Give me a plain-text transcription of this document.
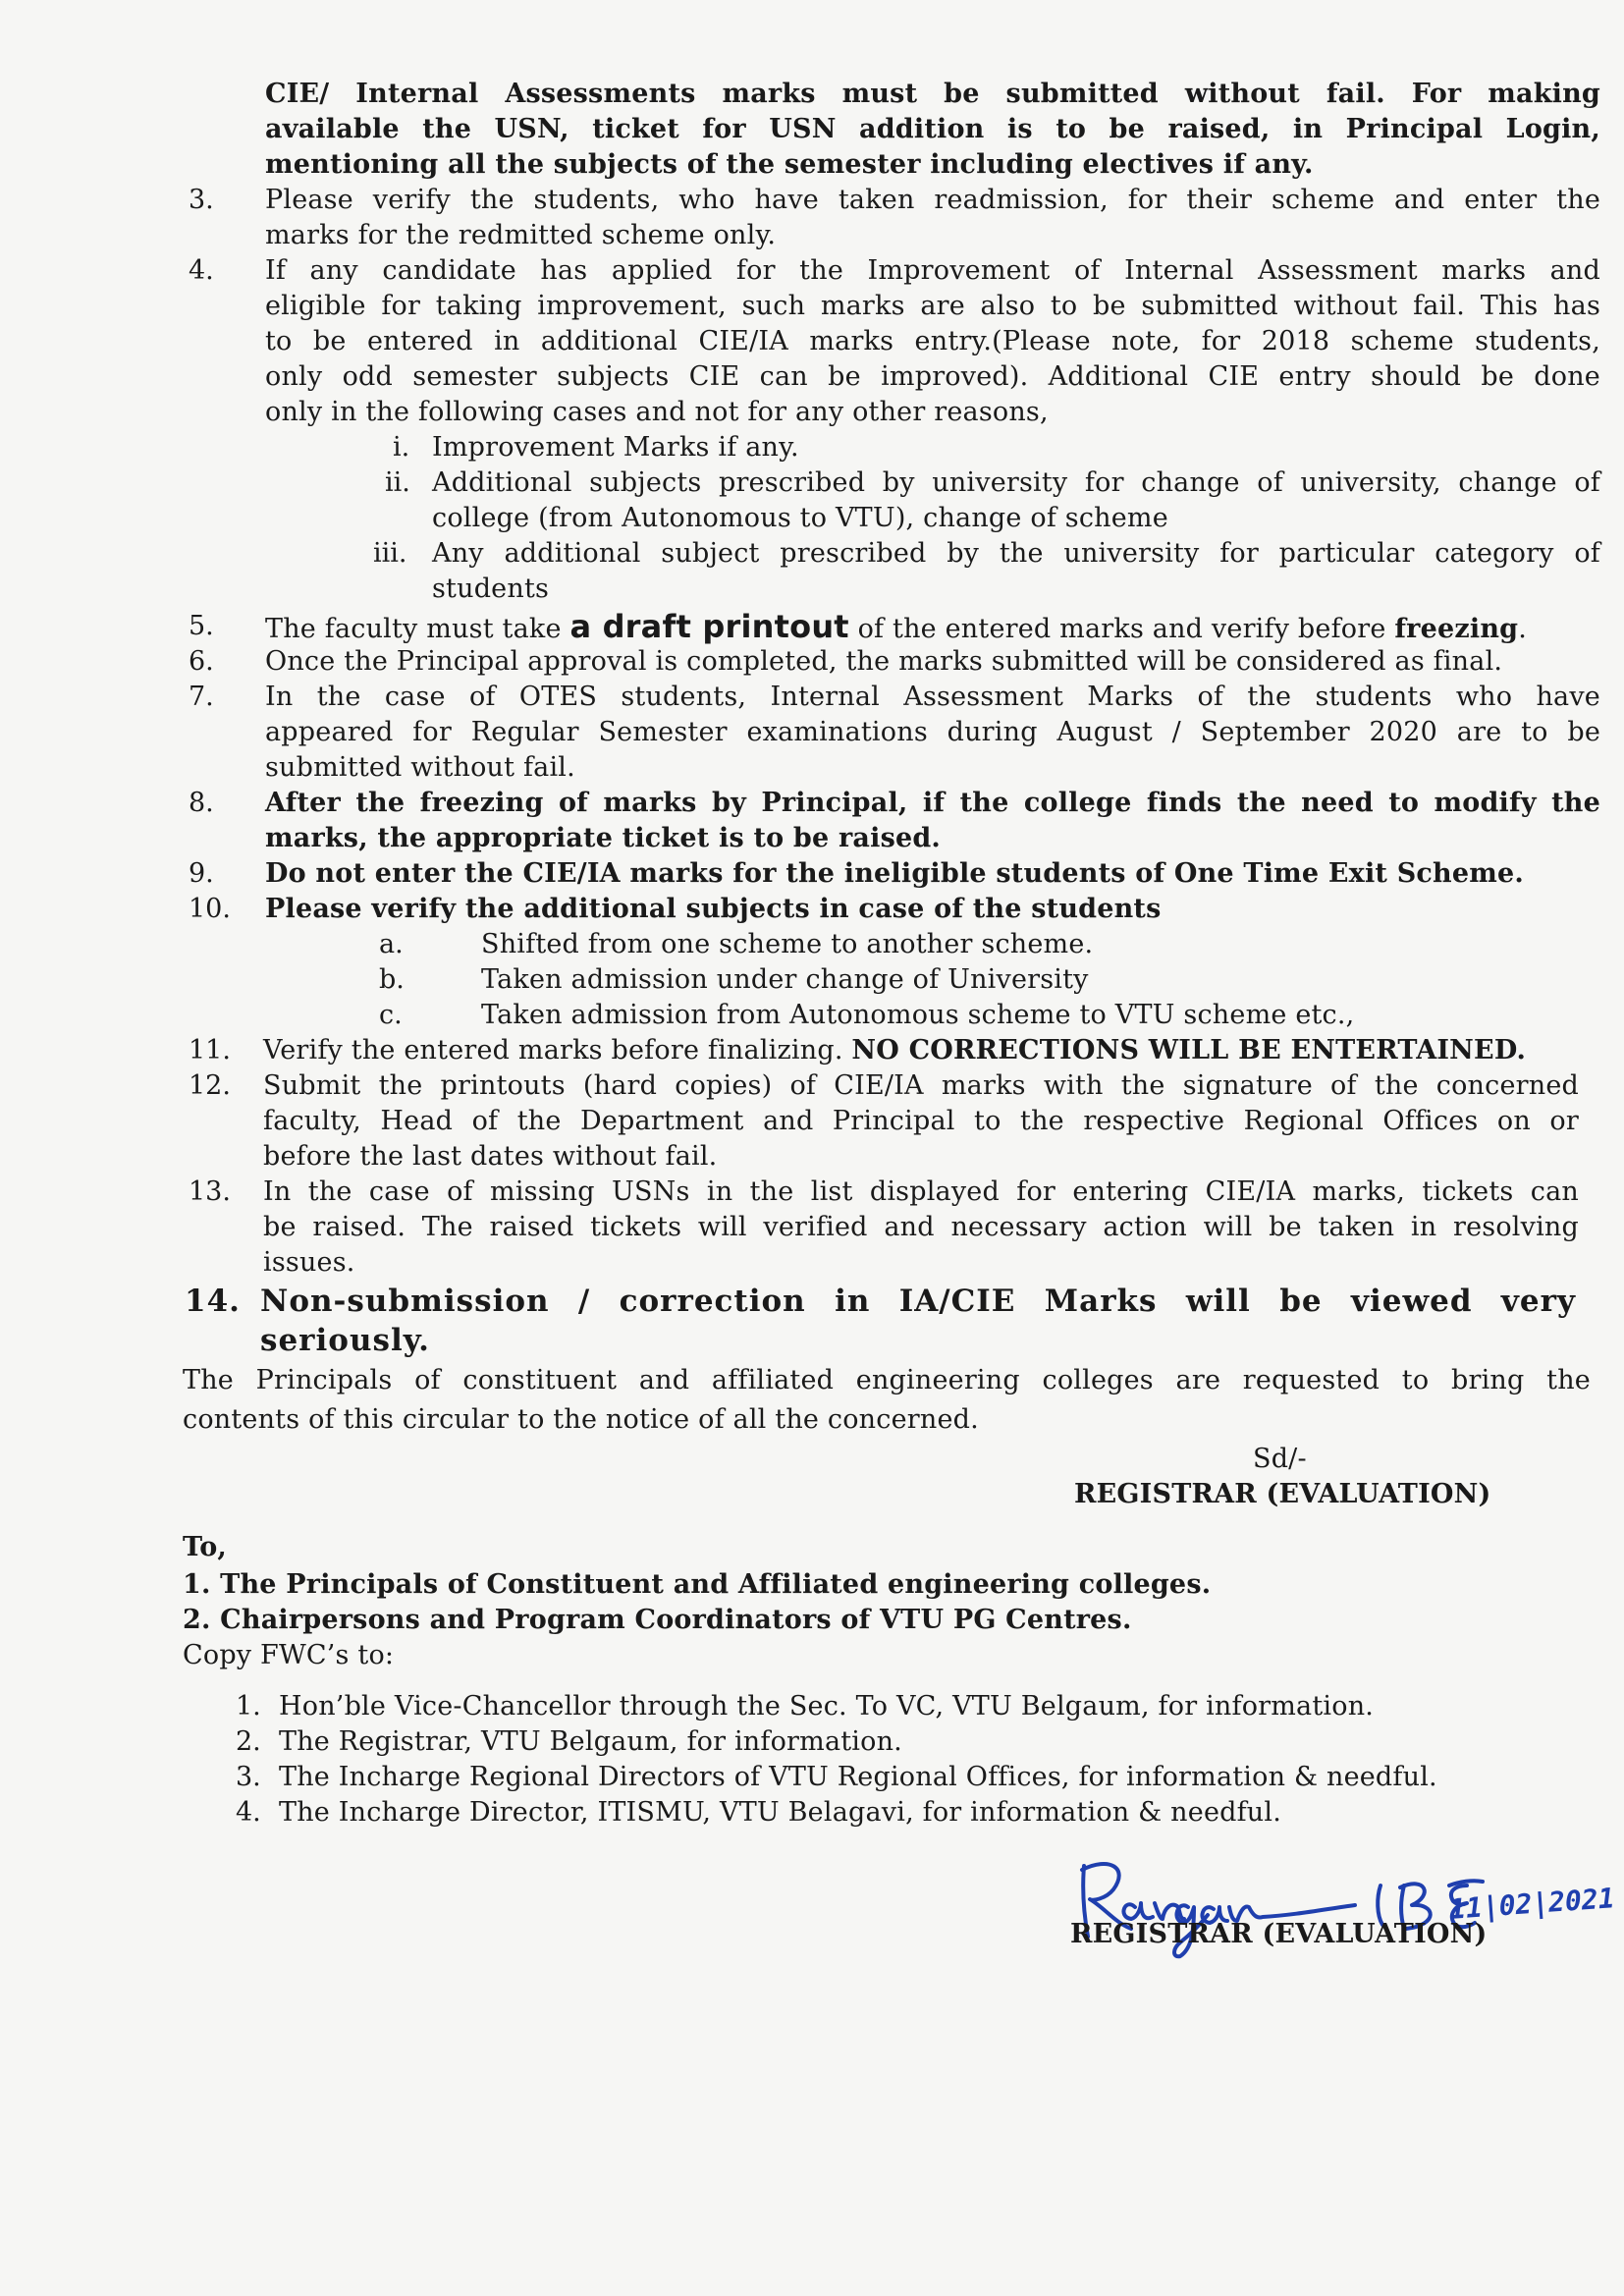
CIE/ Internal Assessments marks must be submitted without fail. For making
available the USN, ticket for USN addition is to be raised, in Principal Login,
mentioning all the subjects of the semester including electives if any.
3. Please verify the students, who have taken readmission, for their scheme and enter the
marks for the redmitted scheme only.
4. If any candidate has applied for the Improvement of Internal Assessment marks and
eligible for taking improvement, such marks are also to be submitted without fail. This has
to be entered in additional CIE/IA marks entry.(Please note, for 2018 scheme students,
only odd semester subjects CIE can be improved). Additional CIE entry should be done
only in the following cases and not for any other reasons,
i. Improvement Marks if any.
ii. Additional subjects prescribed by university for change of university, change of
college (from Autonomous to VTU), change of scheme
iii. Any additional subject prescribed by the university for particular category of
students
5. The faculty must take a draft printout of the entered marks and verify before freezing.
6. Once the Principal approval is completed, the marks submitted will be considered as final.
7. In the case of OTES students, Internal Assessment Marks of the students who have
appeared for Regular Semester examinations during August / September 2020 are to be
submitted without fail.
8. After the freezing of marks by Principal, if the college finds the need to modify the
marks, the appropriate ticket is to be raised.
9. Do not enter the CIE/IA marks for the ineligible students of One Time Exit Scheme.
10. Please verify the additional subjects in case of the students
a.	Shifted from one scheme to another scheme.
b.	Taken admission under change of University
c.	Taken admission from Autonomous scheme to VTU scheme etc.,
11. Verify the entered marks before finalizing. NO CORRECTIONS WILL BE ENTERTAINED.
12. Submit the printouts (hard copies) of CIE/IA marks with the signature of the concerned
faculty, Head of the Department and Principal to the respective Regional Offices on or
before the last dates without fail.
13. In the case of missing USNs in the list displayed for entering CIE/IA marks, tickets can
be raised. The raised tickets will verified and necessary action will be taken in resolving
issues.
14. Non-submission / correction in IA/CIE Marks will be viewed very
seriously.
The Principals of constituent and affiliated engineering colleges are requested to bring the
contents of this circular to the notice of all the concerned.
Sd/-
REGISTRAR (EVALUATION)
To,
1. The Principals of Constituent and Affiliated engineering colleges.
2. Chairpersons and Program Coordinators of VTU PG Centres.
Copy FWC’s to:
1. Hon’ble Vice-Chancellor through the Sec. To VC, VTU Belgaum, for information.
2. The Registrar, VTU Belgaum, for information.
3. The Incharge Regional Directors of VTU Regional Offices, for information & needful.
4. The Incharge Director, ITISMU, VTU Belagavi, for information & needful.
11|02|2021
REGISTRAR (EVALUATION)
